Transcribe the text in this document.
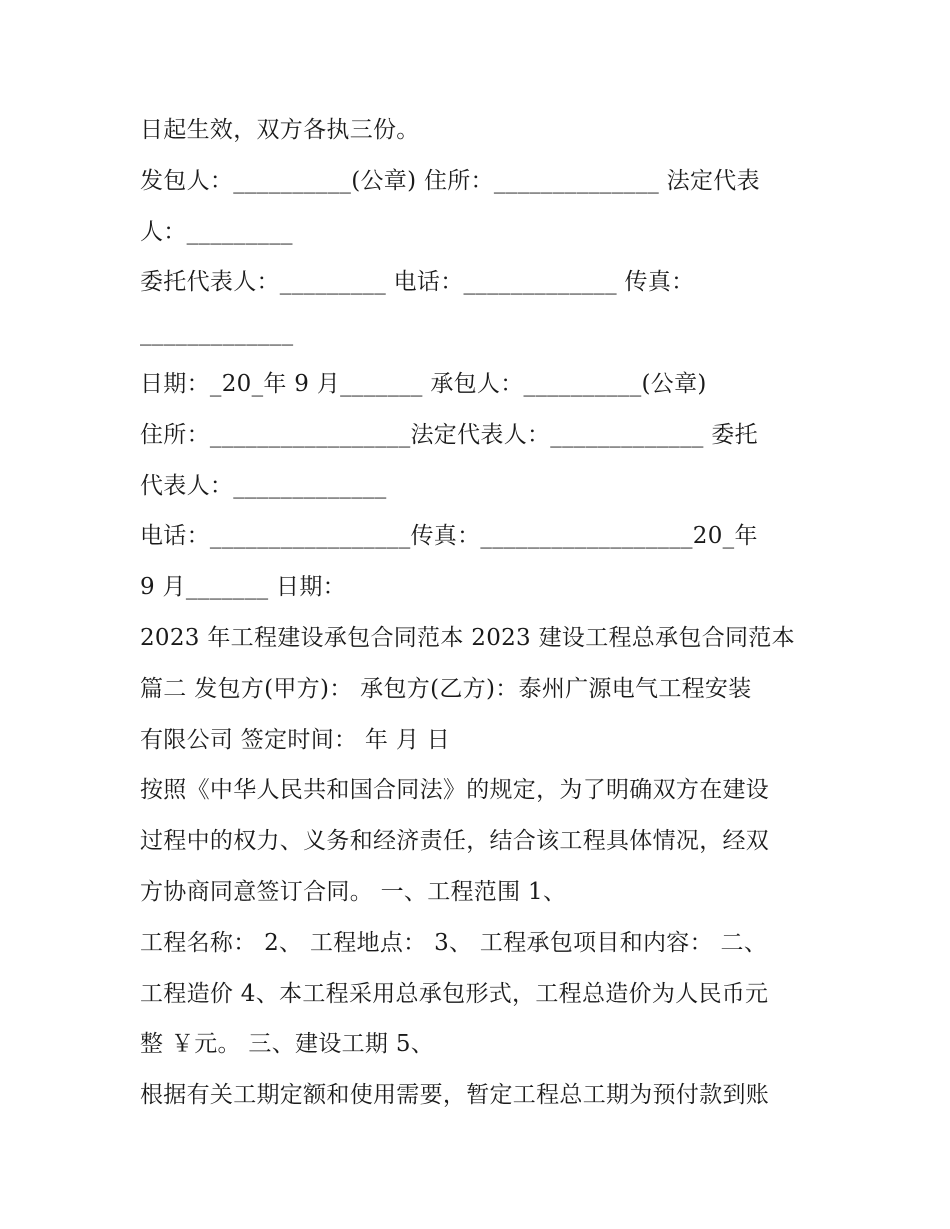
日起生效，双方各执三份。
发包人：__________(公章) 住所：______________ 法定代表
人：_________
委托代表人：_________ 电话：_____________ 传真：
_____________
日期：_20_年 9 月_______ 承包人：__________(公章)
住所：_________________法定代表人：_____________ 委托
代表人：_____________
电话：_________________传真：__________________20_年
9 月_______ 日期：
2023 年工程建设承包合同范本 2023 建设工程总承包合同范本
篇二 发包方(甲方)： 承包方(乙方)：泰州广源电气工程安装
有限公司 签定时间： 年 月 日
按照《中华人民共和国合同法》的规定，为了明确双方在建设
过程中的权力、义务和经济责任，结合该工程具体情况，经双
方协商同意签订合同。 一、工程范围 1、
工程名称： 2、 工程地点： 3、 工程承包项目和内容： 二、
工程造价 4、本工程采用总承包形式，工程总造价为人民币元
整 ￥元。 三、建设工期 5、
根据有关工期定额和使用需要，暂定工程总工期为预付款到账
